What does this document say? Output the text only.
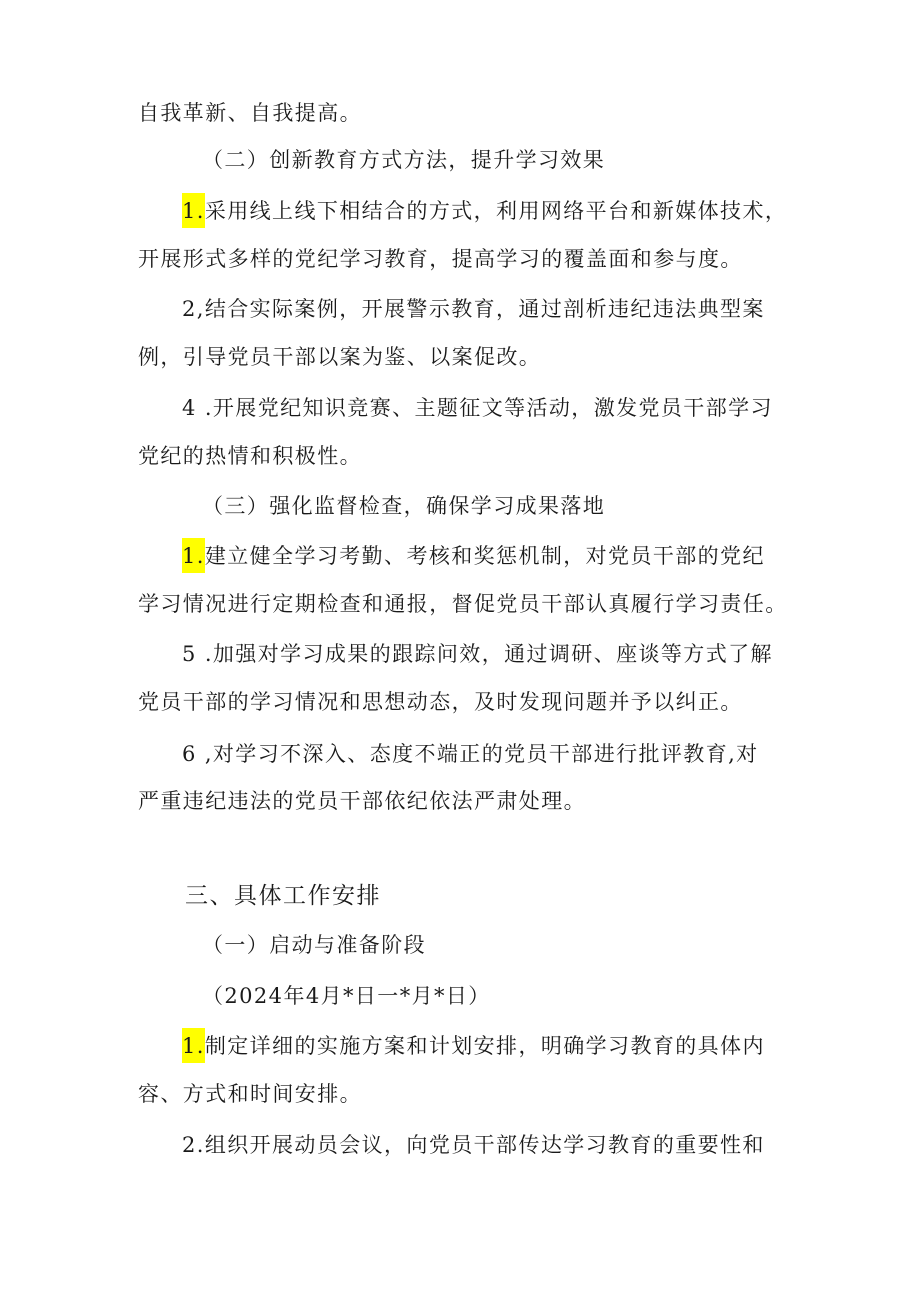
自我革新、自我提高。
（二）创新教育方式方法，提升学习效果
1.采用线上线下相结合的方式，利用网络平台和新媒体技术，
开展形式多样的党纪学习教育，提高学习的覆盖面和参与度。
2,结合实际案例，开展警示教育，通过剖析违纪违法典型案
例，引导党员干部以案为鉴、以案促改。
4 .开展党纪知识竞赛、主题征文等活动，激发党员干部学习
党纪的热情和积极性。
（三）强化监督检查，确保学习成果落地
1.建立健全学习考勤、考核和奖惩机制，对党员干部的党纪
学习情况进行定期检查和通报，督促党员干部认真履行学习责任。
5 .加强对学习成果的跟踪问效，通过调研、座谈等方式了解
党员干部的学习情况和思想动态，及时发现问题并予以纠正。
6 ,对学习不深入、态度不端正的党员干部进行批评教育,对
严重违纪违法的党员干部依纪依法严肃处理。
三、具体工作安排
（一）启动与准备阶段
（2024年4月*日一*月*日）
1.制定详细的实施方案和计划安排，明确学习教育的具体内
容、方式和时间安排。
2.组织开展动员会议，向党员干部传达学习教育的重要性和
